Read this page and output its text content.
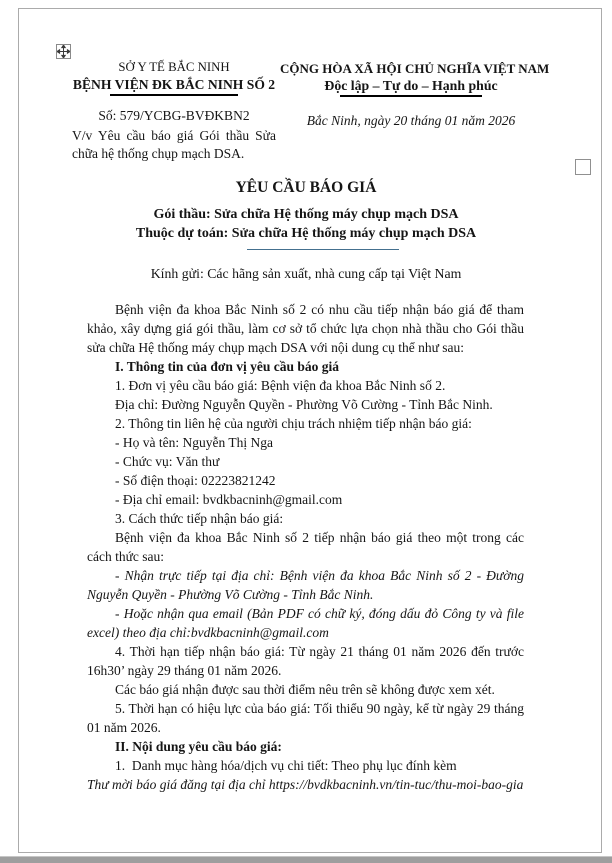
SỞ Y TẾ BẮC NINH
BỆNH VIỆN ĐK BẮC NINH SỐ 2
Số: 579/YCBG-BVĐKBN2
V/v Yêu cầu báo giá Gói thầu Sửa chữa hệ thống chụp mạch DSA.
CỘNG HÒA XÃ HỘI CHỦ NGHĨA VIỆT NAM
Độc lập – Tự do – Hạnh phúc
Bắc Ninh, ngày 20 tháng 01 năm 2026
YÊU CẦU BÁO GIÁ
Gói thầu: Sửa chữa Hệ thống máy chụp mạch DSA
Thuộc dự toán: Sửa chữa Hệ thống máy chụp mạch DSA
Kính gửi: Các hãng sản xuất, nhà cung cấp tại Việt Nam

Bệnh viện đa khoa Bắc Ninh số 2 có nhu cầu tiếp nhận báo giá để tham khảo, xây dựng giá gói thầu, làm cơ sở tổ chức lựa chọn nhà thầu cho Gói thầu sửa chữa Hệ thống máy chụp mạch DSA với nội dung cụ thể như sau:

I. Thông tin của đơn vị yêu cầu báo giá

1. Đơn vị yêu cầu báo giá: Bệnh viện đa khoa Bắc Ninh số 2.

Địa chỉ: Đường Nguyễn Quyền - Phường Võ Cường - Tỉnh Bắc Ninh.

2. Thông tin liên hệ của người chịu trách nhiệm tiếp nhận báo giá:

- Họ và tên: Nguyễn Thị Nga

- Chức vụ: Văn thư

- Số điện thoại: 02223821242

- Địa chỉ email: bvdkbacninh@gmail.com

3. Cách thức tiếp nhận báo giá:

Bệnh viện đa khoa Bắc Ninh số 2 tiếp nhận báo giá theo một trong các cách thức sau:

- Nhận trực tiếp tại địa chỉ: Bệnh viện đa khoa Bắc Ninh số 2 - Đường Nguyễn Quyền - Phường Võ Cường - Tỉnh Bắc Ninh.

- Hoặc nhận qua email (Bản PDF có chữ ký, đóng dấu đỏ Công ty và file excel) theo địa chỉ:bvdkbacninh@gmail.com

4. Thời hạn tiếp nhận báo giá: Từ ngày 21 tháng 01 năm 2026 đến trước 16h30’ ngày 29 tháng 01 năm 2026.

Các báo giá nhận được sau thời điểm nêu trên sẽ không được xem xét.

5. Thời hạn có hiệu lực của báo giá: Tối thiểu 90 ngày, kể từ ngày 29 tháng 01 năm 2026.

II. Nội dung yêu cầu báo giá:

1. Danh mục hàng hóa/dịch vụ chi tiết: Theo phụ lục đính kèm

Thư mời báo giá đăng tại địa chỉ https://bvdkbacninh.vn/tin-tuc/thu-moi-bao-gia
